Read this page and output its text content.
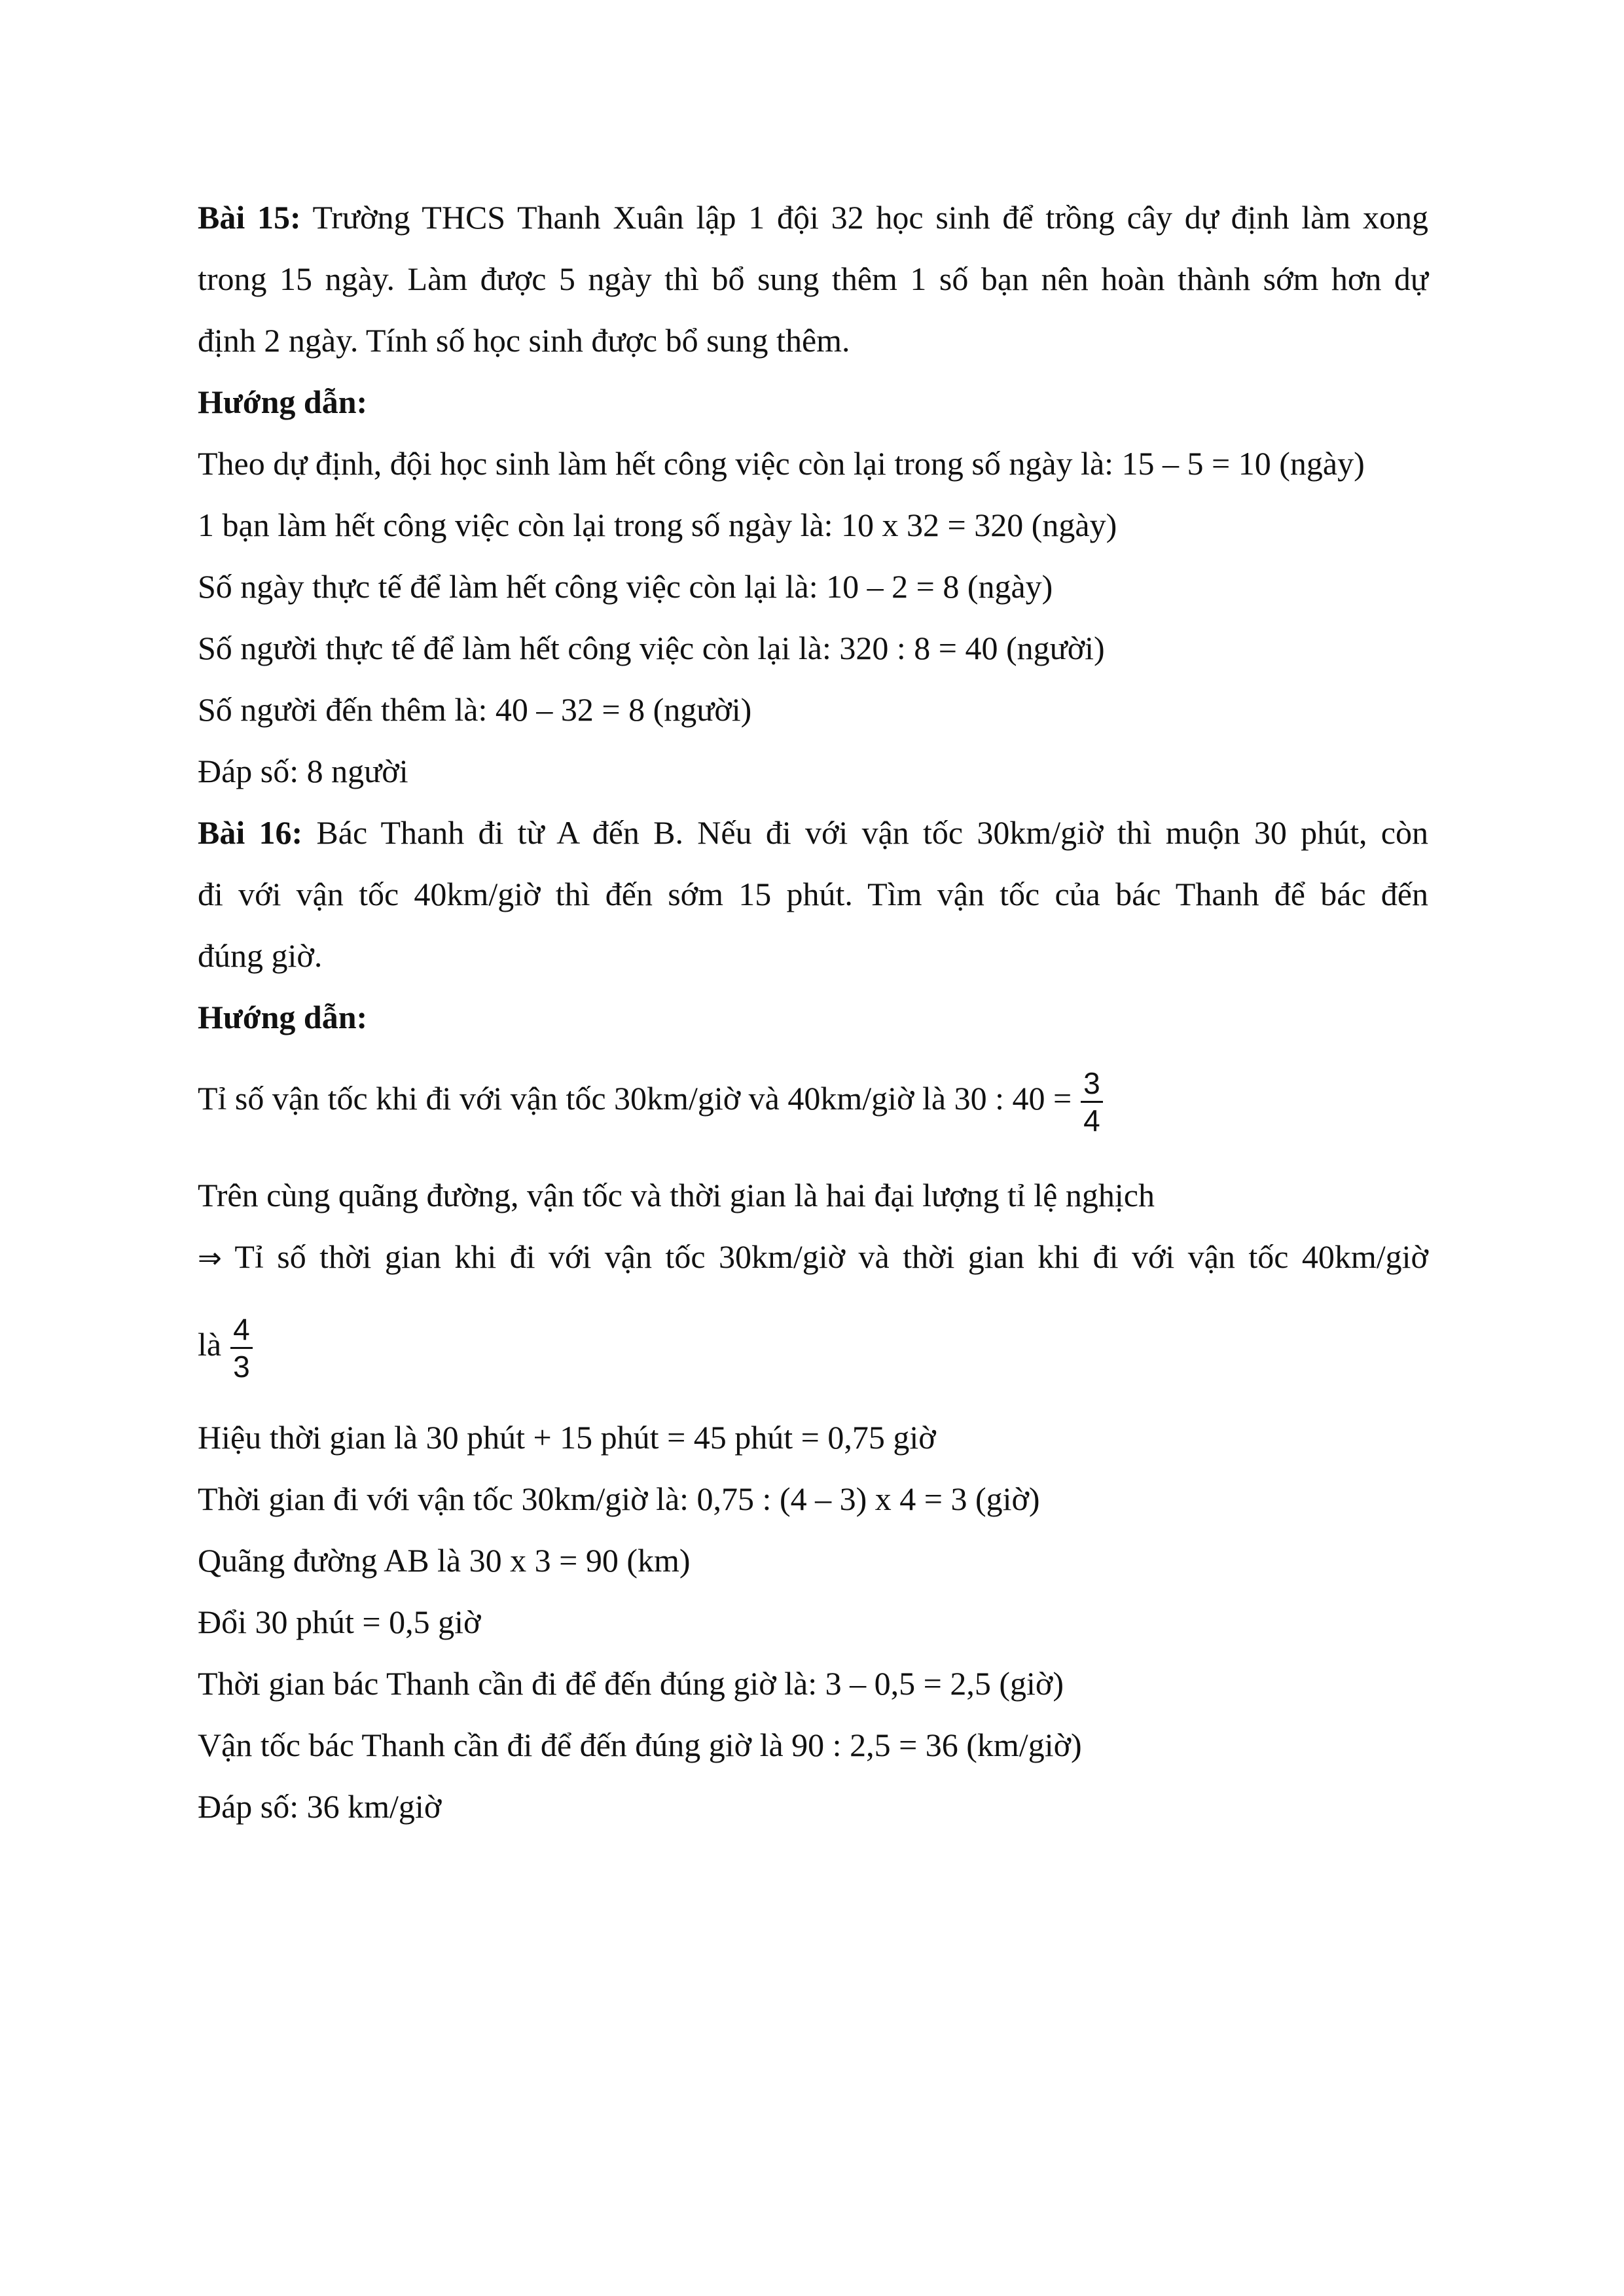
Bài 15: Trường THCS Thanh Xuân lập 1 đội 32 học sinh để trồng cây dự định làm xong
trong 15 ngày. Làm được 5 ngày thì bổ sung thêm 1 số bạn nên hoàn thành sớm hơn dự
định 2 ngày. Tính số học sinh được bổ sung thêm.
Hướng dẫn:
Theo dự định, đội học sinh làm hết công việc còn lại trong số ngày là: 15 – 5 = 10 (ngày)
1 bạn làm hết công việc còn lại trong số ngày là: 10 x 32 = 320 (ngày)
Số ngày thực tế để làm hết công việc còn lại là: 10 – 2 = 8 (ngày)
Số người thực tế để làm hết công việc còn lại là: 320 : 8 = 40 (người)
Số người đến thêm là: 40 – 32 = 8 (người)
Đáp số: 8 người
Bài 16: Bác Thanh đi từ A đến B. Nếu đi với vận tốc 30km/giờ thì muộn 30 phút, còn
đi với vận tốc 40km/giờ thì đến sớm 15 phút. Tìm vận tốc của bác Thanh để bác đến
đúng giờ.
Hướng dẫn:
Tỉ số vận tốc khi đi với vận tốc 30km/giờ và 40km/giờ là 30 : $40 = \frac{3}{4}$
Trên cùng quãng đường, vận tốc và thời gian là hai đại lượng tỉ lệ nghịch
⇒ Tỉ số thời gian khi đi với vận tốc 30km/giờ và thời gian khi đi với vận tốc 40km/giờ
là $\frac{4}{3}$
Hiệu thời gian là 30 phút + 15 phút = 45 phút = 0,75 giờ
Thời gian đi với vận tốc 30km/giờ là: 0,75 : (4 – 3) x 4 = 3 (giờ)
Quãng đường AB là 30 x 3 = 90 (km)
Đổi 30 phút = 0,5 giờ
Thời gian bác Thanh cần đi để đến đúng giờ là: 3 – 0,5 = 2,5 (giờ)
Vận tốc bác Thanh cần đi để đến đúng giờ là 90 : 2,5 = 36 (km/giờ)
Đáp số: 36 km/giờ
